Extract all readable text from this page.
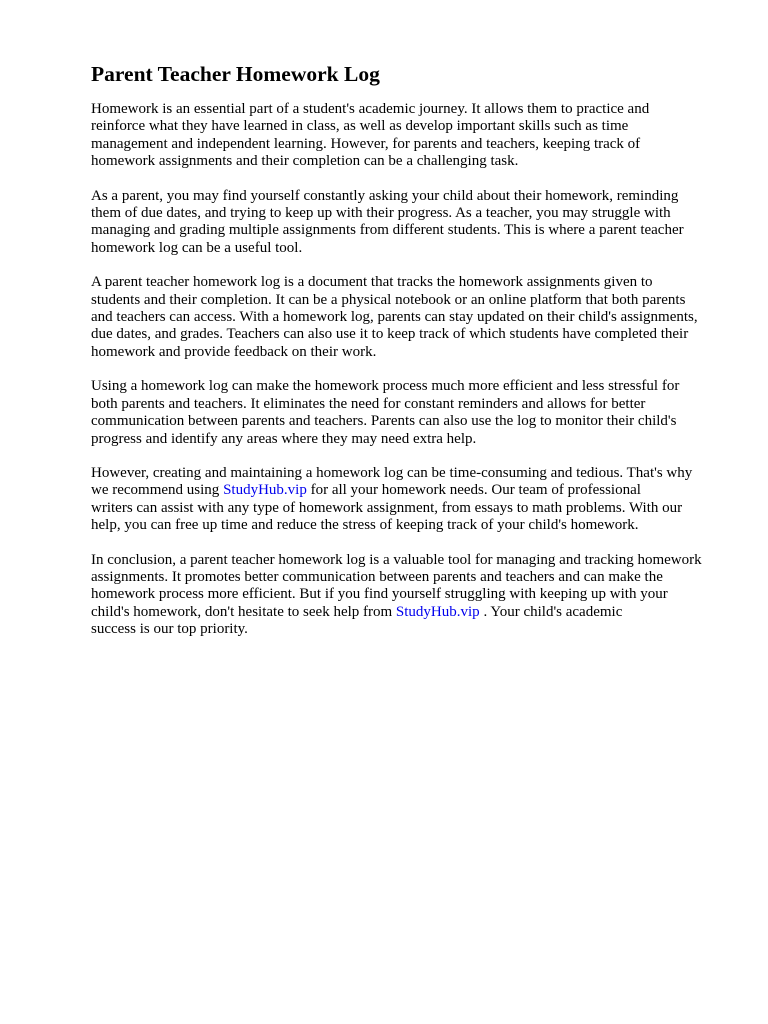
Parent Teacher Homework Log

Homework is an essential part of a student's academic journey. It allows them to practice and
reinforce what they have learned in class, as well as develop important skills such as time
management and independent learning. However, for parents and teachers, keeping track of
homework assignments and their completion can be a challenging task.

As a parent, you may find yourself constantly asking your child about their homework, reminding
them of due dates, and trying to keep up with their progress. As a teacher, you may struggle with
managing and grading multiple assignments from different students. This is where a parent teacher
homework log can be a useful tool.

A parent teacher homework log is a document that tracks the homework assignments given to
students and their completion. It can be a physical notebook or an online platform that both parents
and teachers can access. With a homework log, parents can stay updated on their child's assignments,
due dates, and grades. Teachers can also use it to keep track of which students have completed their
homework and provide feedback on their work.

Using a homework log can make the homework process much more efficient and less stressful for
both parents and teachers. It eliminates the need for constant reminders and allows for better
communication between parents and teachers. Parents can also use the log to monitor their child's
progress and identify any areas where they may need extra help.

However, creating and maintaining a homework log can be time-consuming and tedious. That's why
we recommend using StudyHub.vip for all your homework needs. Our team of professional
writers can assist with any type of homework assignment, from essays to math problems. With our
help, you can free up time and reduce the stress of keeping track of your child's homework.

In conclusion, a parent teacher homework log is a valuable tool for managing and tracking homework
assignments. It promotes better communication between parents and teachers and can make the
homework process more efficient. But if you find yourself struggling with keeping up with your
child's homework, don't hesitate to seek help from StudyHub.vip . Your child's academic
success is our top priority.
